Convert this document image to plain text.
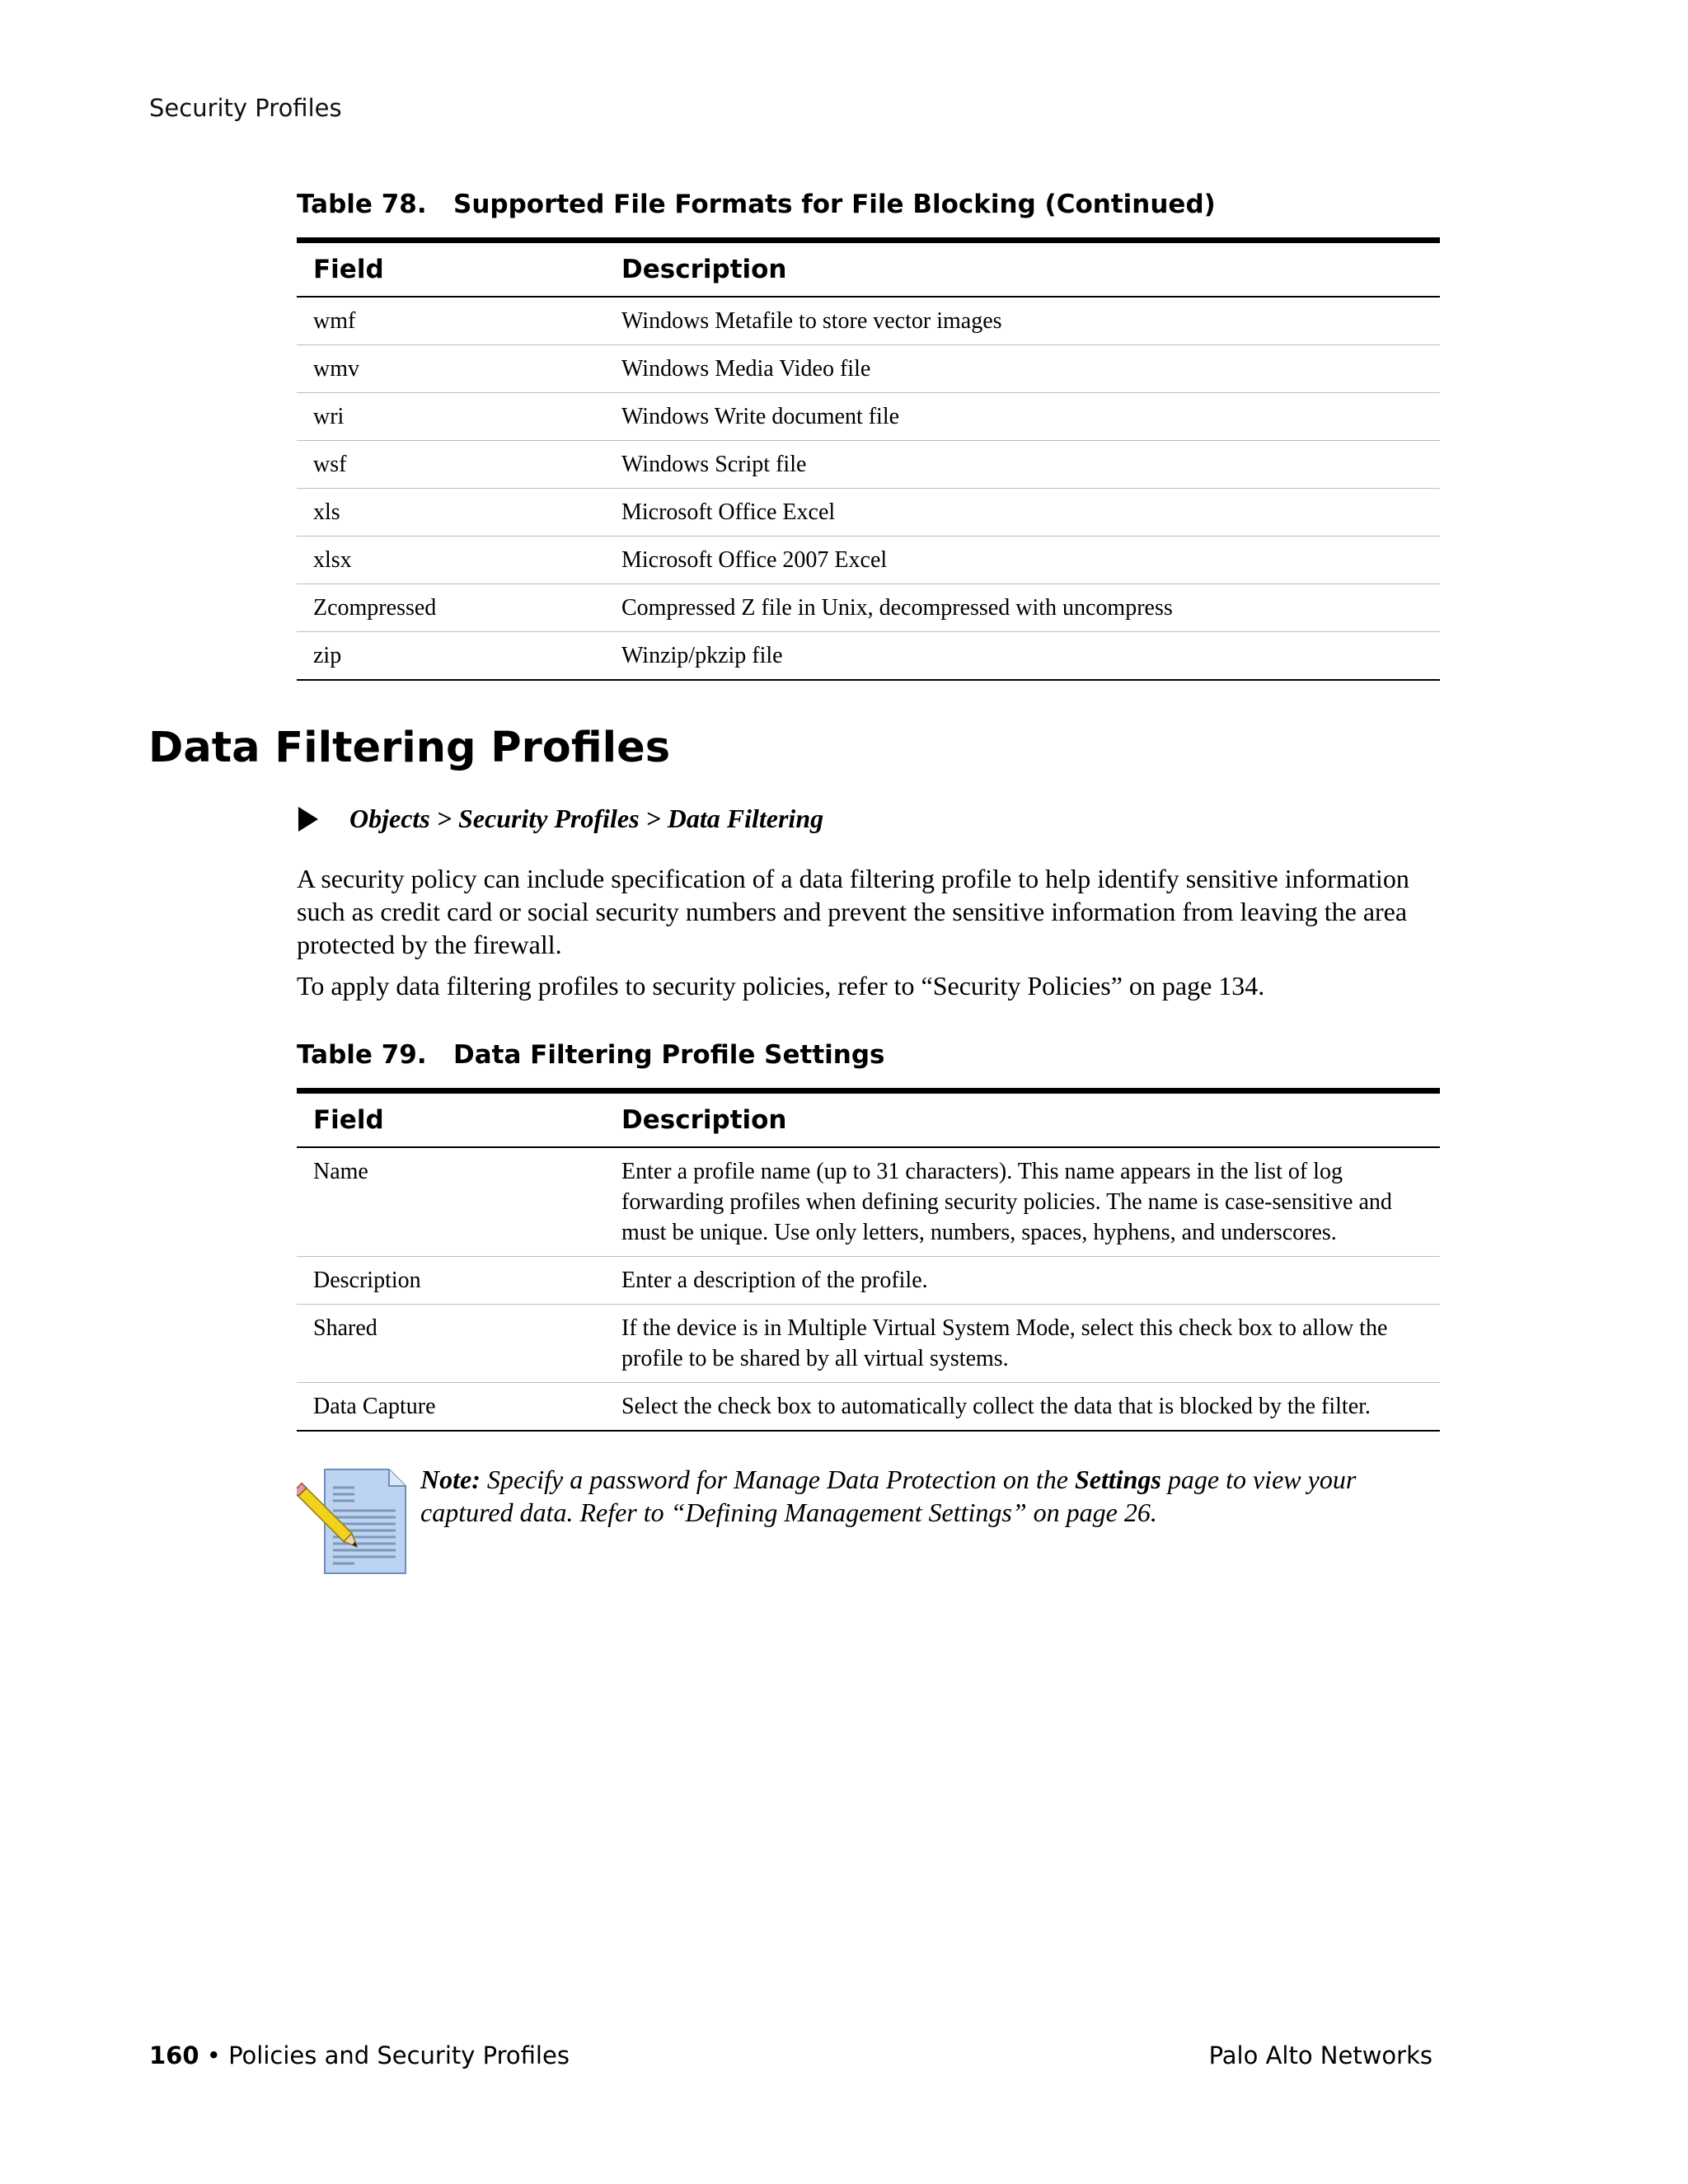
Security Profiles
Table 78.   Supported File Formats for File Blocking (Continued)
Field	Description
wmf	Windows Metafile to store vector images
wmv	Windows Media Video file
wri	Windows Write document file
wsf	Windows Script file
xls	Microsoft Office Excel
xlsx	Microsoft Office 2007 Excel
Zcompressed	Compressed Z file in Unix, decompressed with uncompress
zip	Winzip/pkzip file
Data Filtering Profiles
Objects > Security Profiles > Data Filtering

A security policy can include specification of a data filtering profile to help identify sensitive information such as credit card or social security numbers and prevent the sensitive information from leaving the area protected by the firewall.

To apply data filtering profiles to security policies, refer to “Security Policies” on page 134.

Table 79.   Data Filtering Profile Settings
Field	Description
Name	Enter a profile name (up to 31 characters). This name appears in the list of log forwarding profiles when defining security policies. The name is case-sensitive and must be unique. Use only letters, numbers, spaces, hyphens, and underscores.
Description	Enter a description of the profile.
Shared	If the device is in Multiple Virtual System Mode, select this check box to allow the profile to be shared by all virtual systems.
Data Capture	Select the check box to automatically collect the data that is blocked by the filter.
Note: Specify a password for Manage Data Protection on the Settings page to view your captured data. Refer to “Defining Management Settings” on page 26.
160 • Policies and Security Profiles	Palo Alto Networks
